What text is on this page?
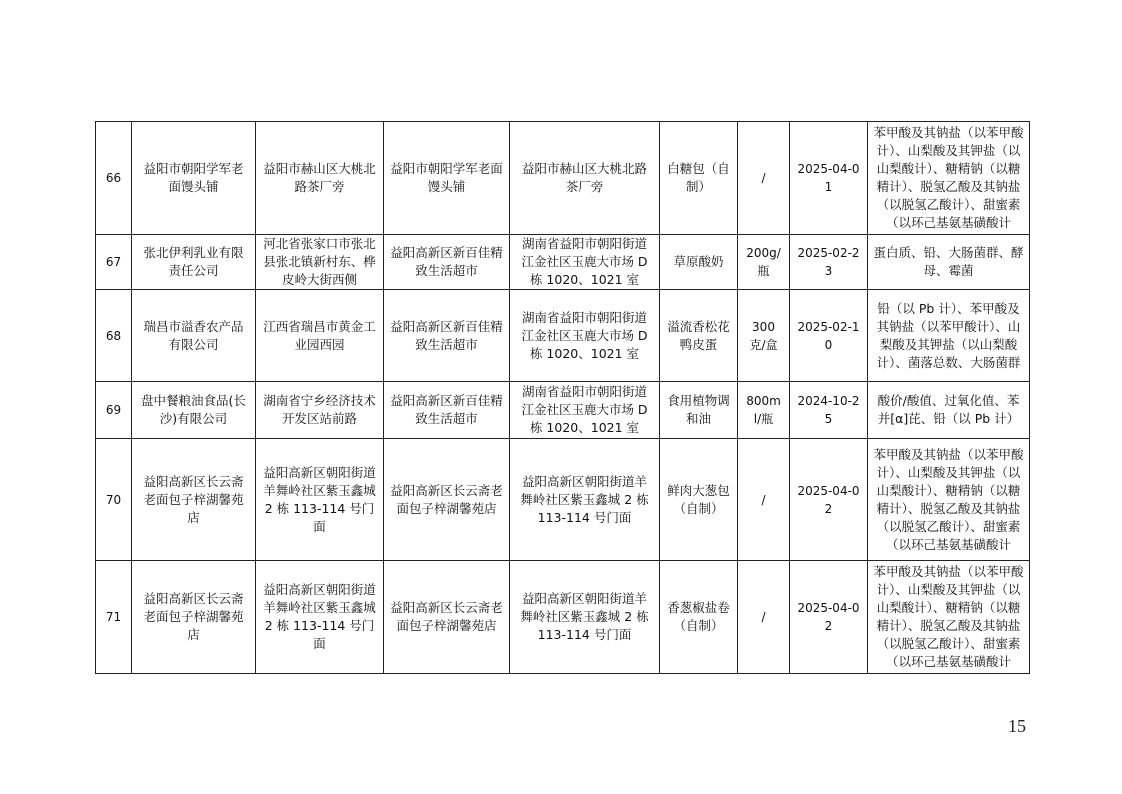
66	益阳市朝阳学军老面馒头铺	益阳市赫山区大桃北路茶厂旁	益阳市朝阳学军老面馒头铺	益阳市赫山区大桃北路茶厂旁	白糖包（自制）	/	2025-04-01	苯甲酸及其钠盐（以苯甲酸计）、山梨酸及其钾盐（以山梨酸计）、糖精钠（以糖精计）、脱氢乙酸及其钠盐（以脱氢乙酸计）、甜蜜素（以环己基氨基磺酸计
67	张北伊利乳业有限责任公司	河北省张家口市张北县张北镇新村东、桦皮岭大街西侧	益阳高新区新百佳精致生活超市	湖南省益阳市朝阳街道江金社区玉鹿大市场 D 栋 1020、1021 室	草原酸奶	200g/瓶	2025-02-23	蛋白质、铅、大肠菌群、酵母、霉菌
68	瑞昌市溢香农产品有限公司	江西省瑞昌市黄金工业园西园	益阳高新区新百佳精致生活超市	湖南省益阳市朝阳街道江金社区玉鹿大市场 D 栋 1020、1021 室	溢流香松花鸭皮蛋	300 克/盒	2025-02-10	铅（以 Pb 计）、苯甲酸及其钠盐（以苯甲酸计）、山梨酸及其钾盐（以山梨酸计）、菌落总数、大肠菌群
69	盘中餐粮油食品(长沙)有限公司	湖南省宁乡经济技术开发区站前路	益阳高新区新百佳精致生活超市	湖南省益阳市朝阳街道江金社区玉鹿大市场 D 栋 1020、1021 室	食用植物调和油	800ml/瓶	2024-10-25	酸价/酸值、过氧化值、苯并[α]芘、铅（以 Pb 计）
70	益阳高新区长云斋老面包子梓湖馨苑店	益阳高新区朝阳街道羊舞岭社区紫玉鑫城 2 栋 113-114 号门面	益阳高新区长云斋老面包子梓湖馨苑店	益阳高新区朝阳街道羊舞岭社区紫玉鑫城 2 栋 113-114 号门面	鲜肉大葱包（自制）	/	2025-04-02	苯甲酸及其钠盐（以苯甲酸计）、山梨酸及其钾盐（以山梨酸计）、糖精钠（以糖精计）、脱氢乙酸及其钠盐（以脱氢乙酸计）、甜蜜素（以环己基氨基磺酸计
71	益阳高新区长云斋老面包子梓湖馨苑店	益阳高新区朝阳街道羊舞岭社区紫玉鑫城 2 栋 113-114 号门面	益阳高新区长云斋老面包子梓湖馨苑店	益阳高新区朝阳街道羊舞岭社区紫玉鑫城 2 栋 113-114 号门面	香葱椒盐卷（自制）	/	2025-04-02	苯甲酸及其钠盐（以苯甲酸计）、山梨酸及其钾盐（以山梨酸计）、糖精钠（以糖精计）、脱氢乙酸及其钠盐（以脱氢乙酸计）、甜蜜素（以环己基氨基磺酸计
15
